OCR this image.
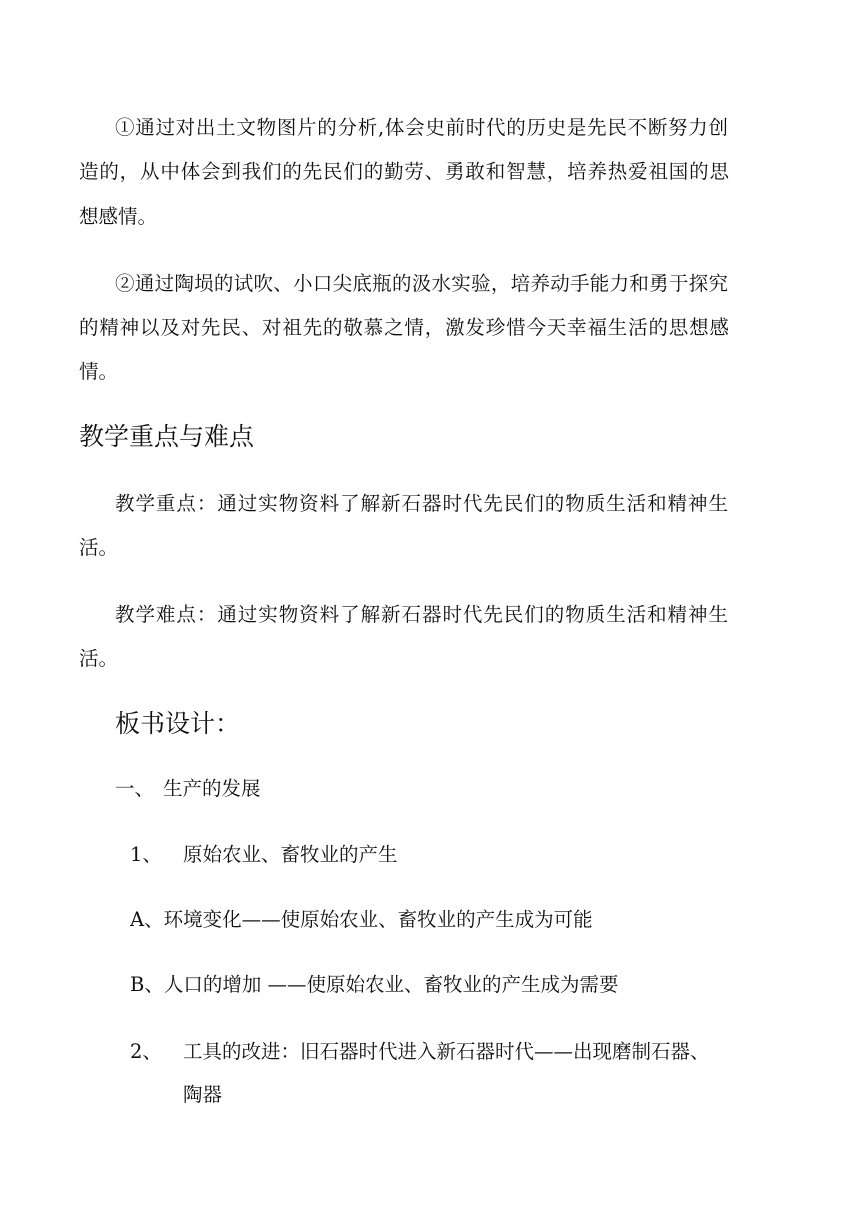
①通过对出土文物图片的分析,体会史前时代的历史是先民不断努力创
造的，从中体会到我们的先民们的勤劳、勇敢和智慧，培养热爱祖国的思
想感情。
②通过陶埙的试吹、小口尖底瓶的汲水实验，培养动手能力和勇于探究
的精神以及对先民、对祖先的敬慕之情，激发珍惜今天幸福生活的思想感
情。
教学重点与难点
教学重点：通过实物资料了解新石器时代先民们的物质生活和精神生
活。
教学难点：通过实物资料了解新石器时代先民们的物质生活和精神生
活。
板书设计：
一、 生产的发展
1、 原始农业、畜牧业的产生
A、环境变化——使原始农业、畜牧业的产生成为可能
B、人口的增加 ——使原始农业、畜牧业的产生成为需要
2、 工具的改进：旧石器时代进入新石器时代——出现磨制石器、
陶器
